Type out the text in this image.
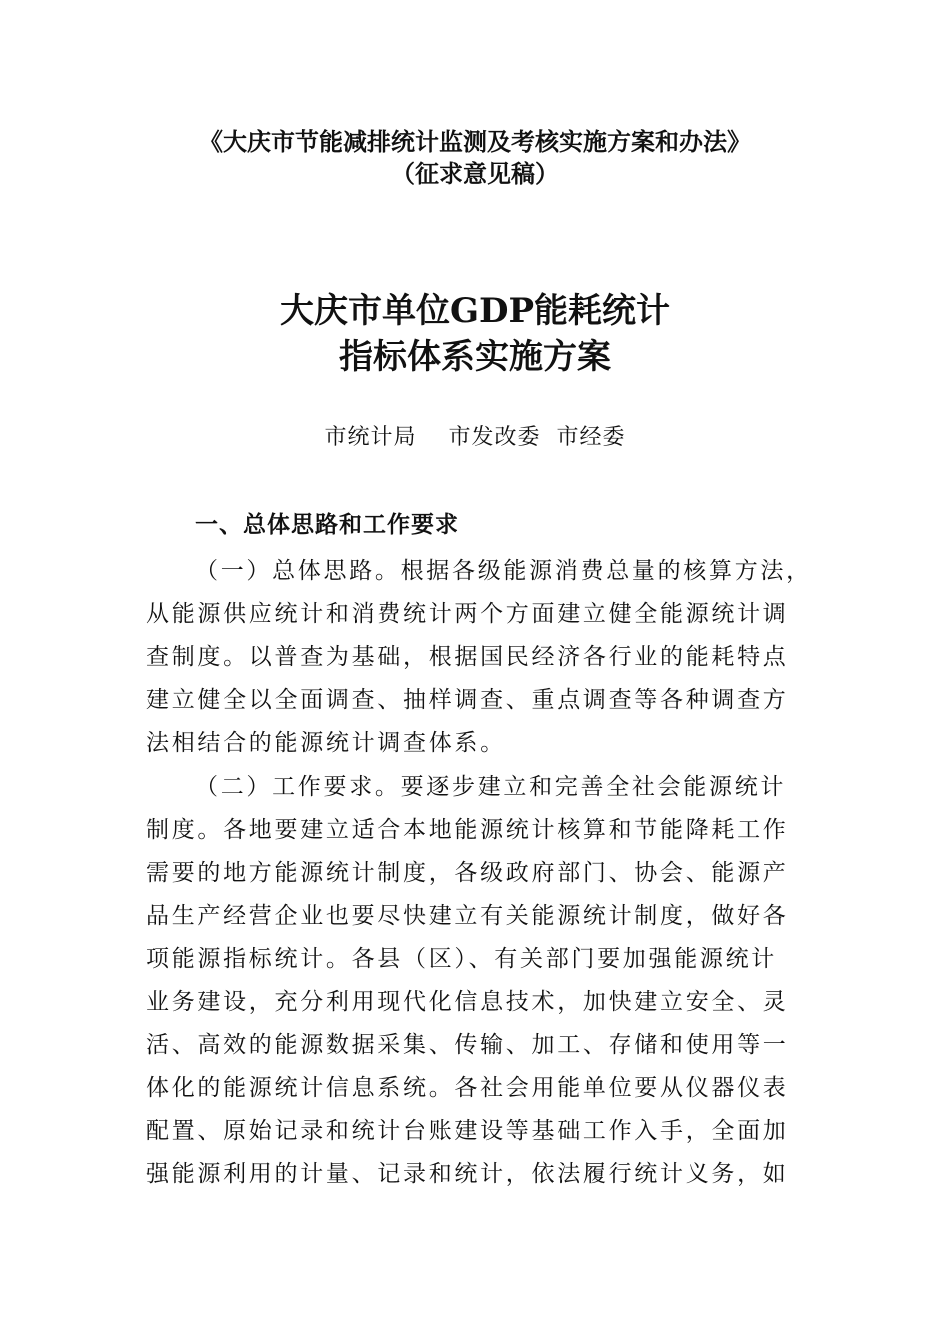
《大庆市节能减排统计监测及考核实施方案和办法》
（征求意见稿）
大庆市单位GDP能耗统计
指标体系实施方案
市统计局    市发改委  市经委
一、总体思路和工作要求
（一）总体思路。根据各级能源消费总量的核算方法，
从能源供应统计和消费统计两个方面建立健全能源统计调
查制度。以普查为基础，根据国民经济各行业的能耗特点
建立健全以全面调查、抽样调查、重点调查等各种调查方
法相结合的能源统计调查体系。
（二）工作要求。要逐步建立和完善全社会能源统计
制度。各地要建立适合本地能源统计核算和节能降耗工作
需要的地方能源统计制度，各级政府部门、协会、能源产
品生产经营企业也要尽快建立有关能源统计制度，做好各
项能源指标统计。各县（区）、有关部门要加强能源统计
业务建设，充分利用现代化信息技术，加快建立安全、灵
活、高效的能源数据采集、传输、加工、存储和使用等一
体化的能源统计信息系统。各社会用能单位要从仪器仪表
配置、原始记录和统计台账建设等基础工作入手，全面加
强能源利用的计量、记录和统计，依法履行统计义务，如
